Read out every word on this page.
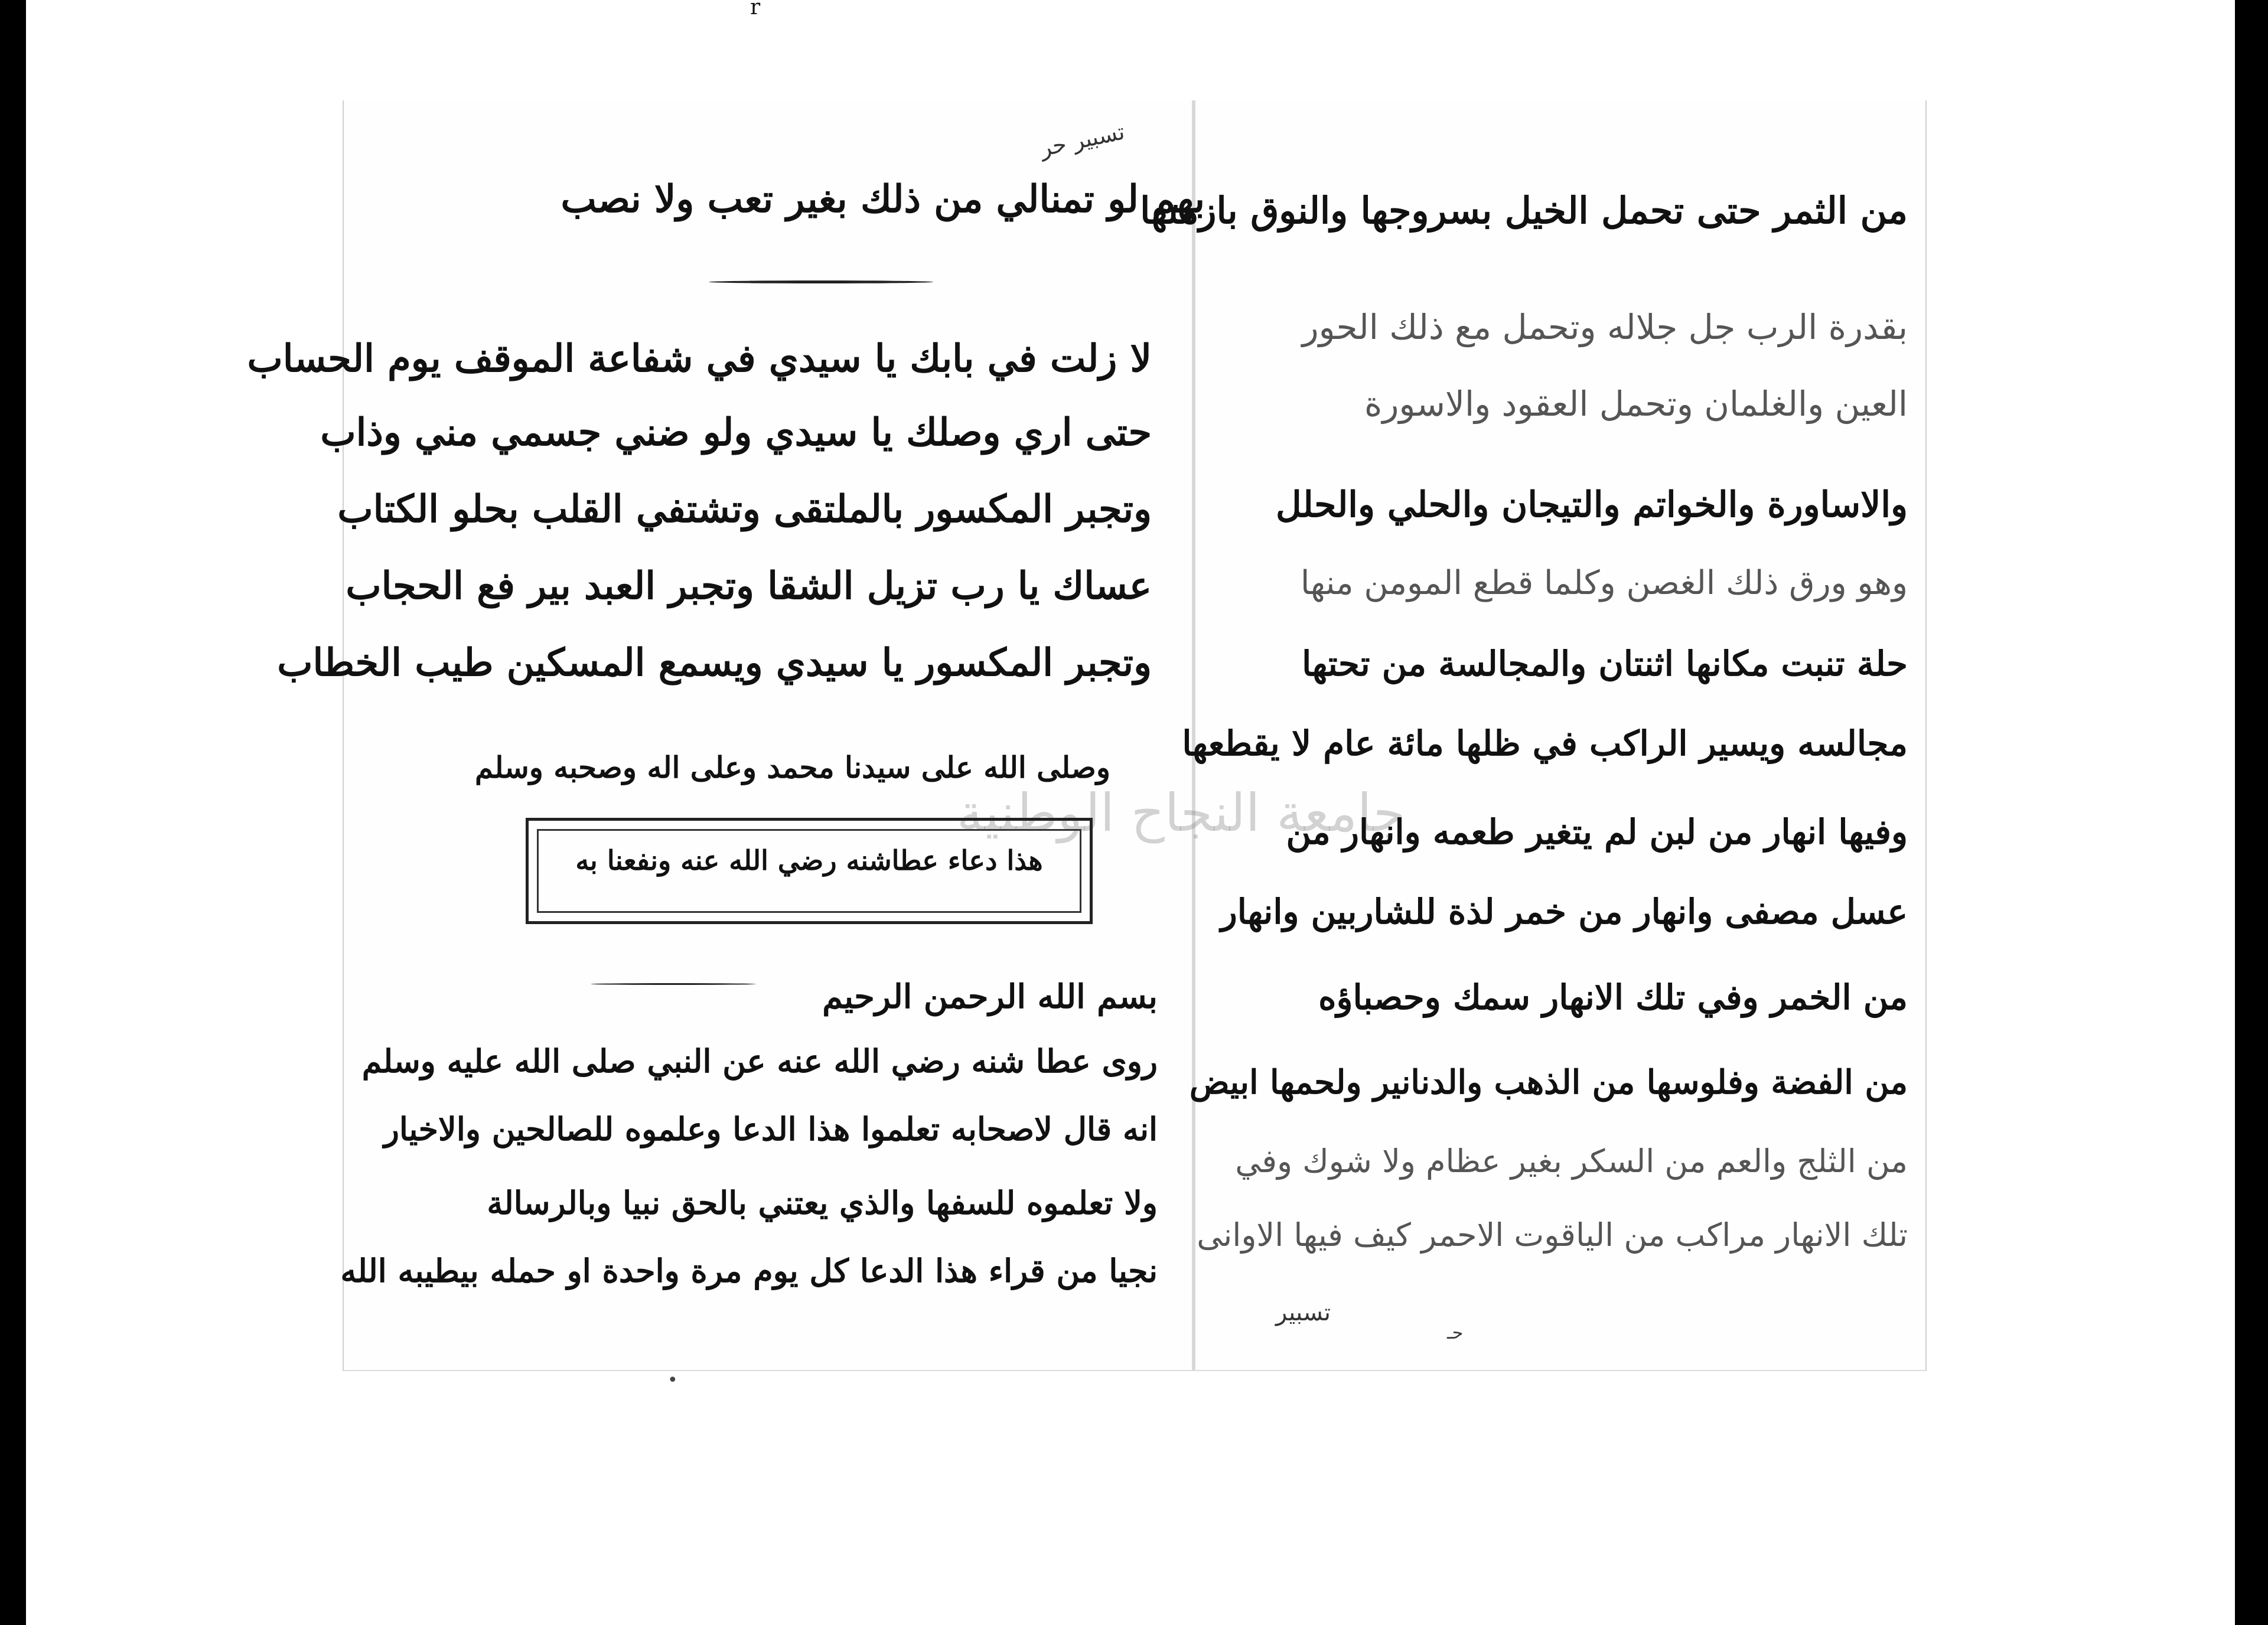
r
تسبير حر
بهم لو تمنالي من ذلك بغير تعب ولا نصب
لا زلت في بابك يا سيدي في شفاعة الموقف يوم الحساب
حتى اري وصلك يا سيدي ولو ضني جسمي مني وذاب
وتجبر المكسور بالملتقى وتشتفي القلب بحلو الكتاب
عساك يا رب تزيل الشقا وتجبر العبد بير فع الحجاب
وتجبر المكسور يا سيدي ويسمع المسكين طيب الخطاب
وصلى الله على سيدنا محمد وعلى اله وصحبه وسلم
جامعة النجاح الوطنية
هذا دعاء عطاشنه رضي الله عنه ونفعنا به
بسم الله الرحمن الرحيم
روى عطا شنه رضي الله عنه عن النبي صلى الله عليه وسلم
انه قال لاصحابه تعلموا هذا الدعا وعلموه للصالحين والاخيار
ولا تعلموه للسفها والذي يعتني بالحق نبيا وبالرسالة
نجيا من قراء هذا الدعا كل يوم مرة واحدة او حمله بيطيبه الله
•
من الثمر حتى تحمل الخيل بسروجها والنوق بازمتها
بقدرة الرب جل جلاله وتحمل مع ذلك الحور
العين والغلمان وتحمل العقود والاسورة
والاساورة والخواتم والتيجان والحلي والحلل
وهو ورق ذلك الغصن وكلما قطع المومن منها
حلة تنبت مكانها اثنتان والمجالسة من تحتها
مجالسه ويسير الراكب في ظلها مائة عام لا يقطعها
وفيها انهار من لبن لم يتغير طعمه وانهار من
عسل مصفى وانهار من خمر لذة للشاربين وانهار
من الخمر وفي تلك الانهار سمك وحصباؤه
من الفضة وفلوسها من الذهب والدنانير ولحمها ابيض
من الثلج والعم من السكر بغير عظام ولا شوك وفي
تلك الانهار مراكب من الياقوت الاحمر كيف فيها الاوانى
تسبير
حـ
